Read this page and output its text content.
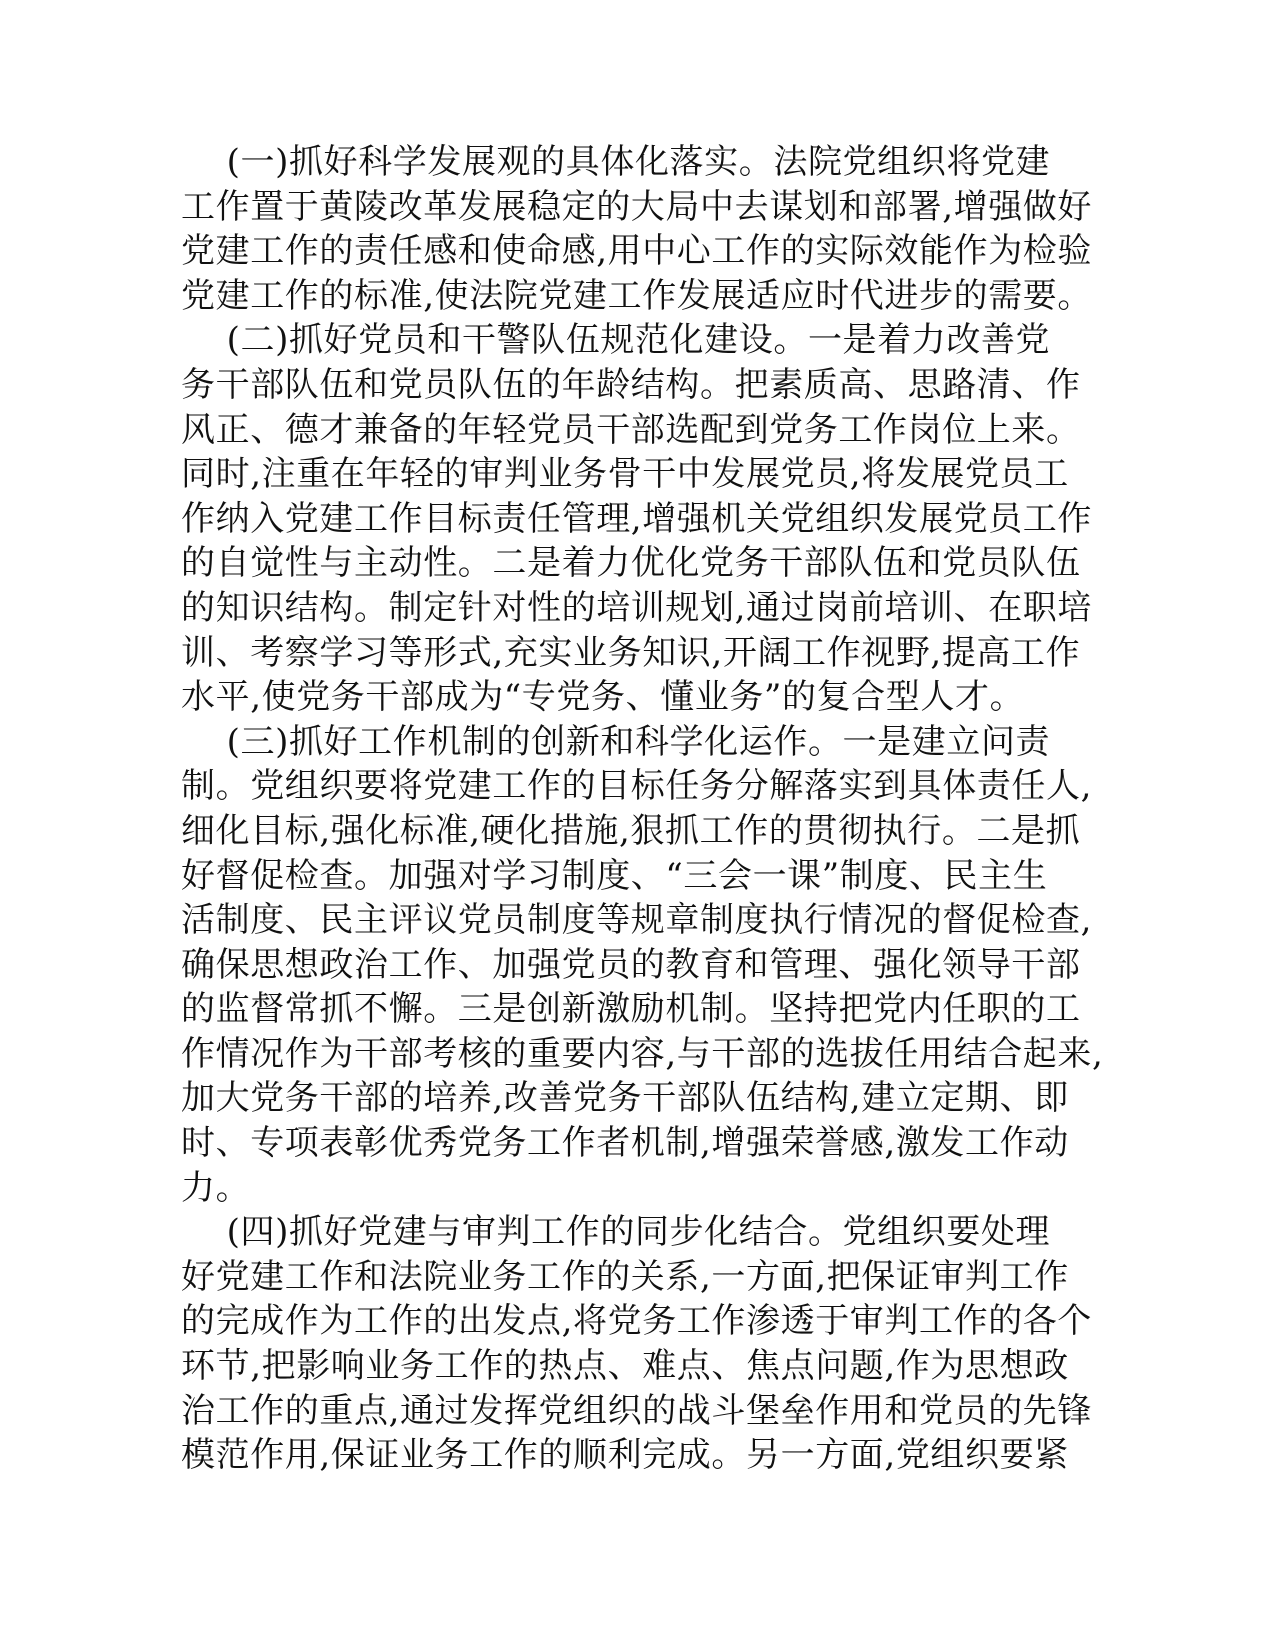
(一)抓好科学发展观的具体化落实。法院党组织将党建
工作置于黄陵改革发展稳定的大局中去谋划和部署,增强做好
党建工作的责任感和使命感,用中心工作的实际效能作为检验
党建工作的标准,使法院党建工作发展适应时代进步的需要。
(二)抓好党员和干警队伍规范化建设。一是着力改善党
务干部队伍和党员队伍的年龄结构。把素质高、思路清、作
风正、德才兼备的年轻党员干部选配到党务工作岗位上来。
同时,注重在年轻的审判业务骨干中发展党员,将发展党员工
作纳入党建工作目标责任管理,增强机关党组织发展党员工作
的自觉性与主动性。二是着力优化党务干部队伍和党员队伍
的知识结构。制定针对性的培训规划,通过岗前培训、在职培
训、考察学习等形式,充实业务知识,开阔工作视野,提高工作
水平,使党务干部成为“专党务、懂业务”的复合型人才。
(三)抓好工作机制的创新和科学化运作。一是建立问责
制。党组织要将党建工作的目标任务分解落实到具体责任人,
细化目标,强化标准,硬化措施,狠抓工作的贯彻执行。二是抓
好督促检查。加强对学习制度、“三会一课”制度、民主生
活制度、民主评议党员制度等规章制度执行情况的督促检查,
确保思想政治工作、加强党员的教育和管理、强化领导干部
的监督常抓不懈。三是创新激励机制。坚持把党内任职的工
作情况作为干部考核的重要内容,与干部的选拔任用结合起来,
加大党务干部的培养,改善党务干部队伍结构,建立定期、即
时、专项表彰优秀党务工作者机制,增强荣誉感,激发工作动
力。
(四)抓好党建与审判工作的同步化结合。党组织要处理
好党建工作和法院业务工作的关系,一方面,把保证审判工作
的完成作为工作的出发点,将党务工作渗透于审判工作的各个
环节,把影响业务工作的热点、难点、焦点问题,作为思想政
治工作的重点,通过发挥党组织的战斗堡垒作用和党员的先锋
模范作用,保证业务工作的顺利完成。另一方面,党组织要紧
